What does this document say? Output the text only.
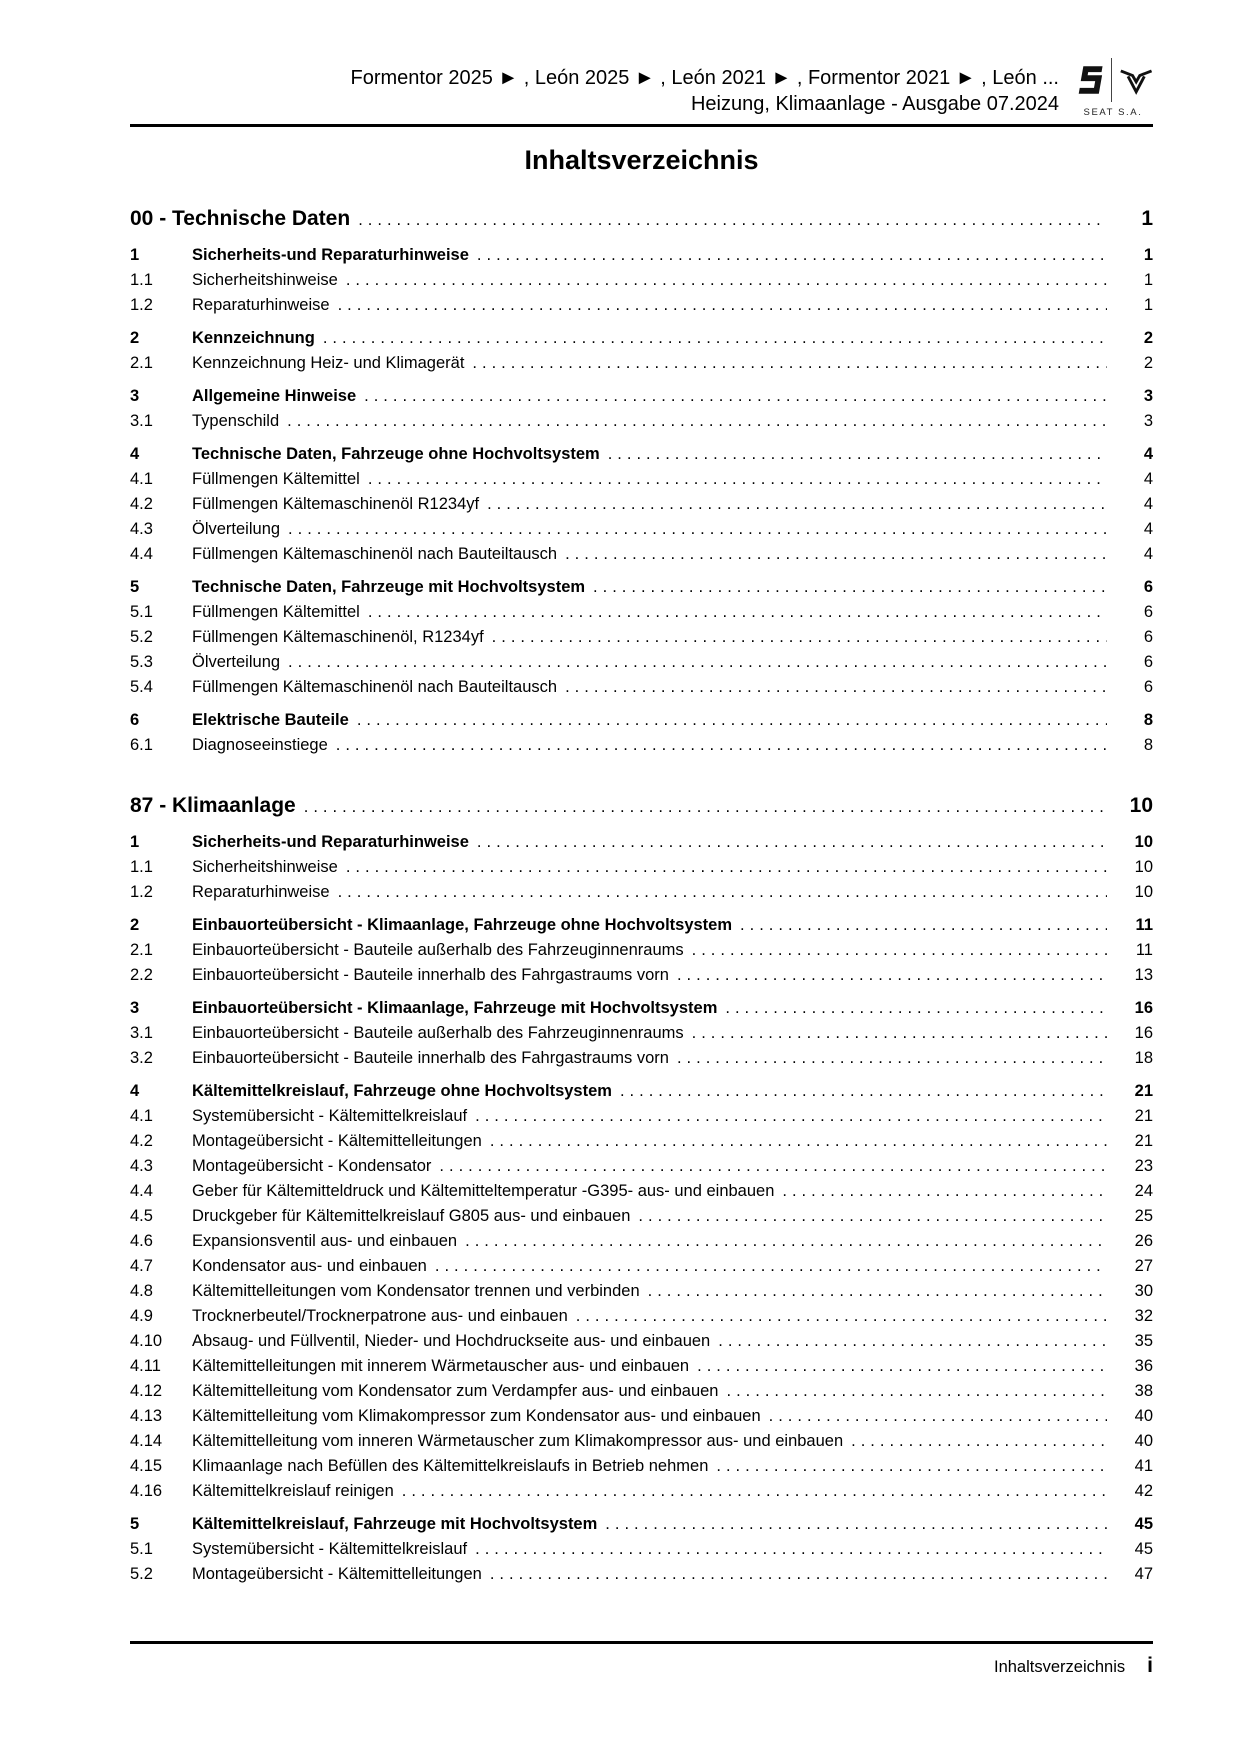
Formentor 2025 ► , León 2025 ► , León 2021 ► , Formentor 2021 ► , León ...
Heizung, Klimaanlage - Ausgabe 07.2024	SEAT S.A.
Inhaltsverzeichnis
00 - Technische Daten .....	1
1	Sicherheits-und Reparaturhinweise .....	1
1.1	Sicherheitshinweise .....	1
1.2	Reparaturhinweise .....	1
2	Kennzeichnung .....	2
2.1	Kennzeichnung Heiz- und Klimagerät .....	2
3	Allgemeine Hinweise .....	3
3.1	Typenschild .....	3
4	Technische Daten, Fahrzeuge ohne Hochvoltsystem .....	4
4.1	Füllmengen Kältemittel .....	4
4.2	Füllmengen Kältemaschinenöl R1234yf .....	4
4.3	Ölverteilung .....	4
4.4	Füllmengen Kältemaschinenöl nach Bauteiltausch .....	4
5	Technische Daten, Fahrzeuge mit Hochvoltsystem .....	6
5.1	Füllmengen Kältemittel .....	6
5.2	Füllmengen Kältemaschinenöl, R1234yf .....	6
5.3	Ölverteilung .....	6
5.4	Füllmengen Kältemaschinenöl nach Bauteiltausch .....	6
6	Elektrische Bauteile .....	8
6.1	Diagnoseeinstiege .....	8
87 - Klimaanlage .....	10
1	Sicherheits-und Reparaturhinweise .....	10
1.1	Sicherheitshinweise .....	10
1.2	Reparaturhinweise .....	10
2	Einbauorteübersicht - Klimaanlage, Fahrzeuge ohne Hochvoltsystem .....	11
2.1	Einbauorteübersicht - Bauteile außerhalb des Fahrzeuginnenraums .....	11
2.2	Einbauorteübersicht - Bauteile innerhalb des Fahrgastraums vorn .....	13
3	Einbauorteübersicht - Klimaanlage, Fahrzeuge mit Hochvoltsystem .....	16
3.1	Einbauorteübersicht - Bauteile außerhalb des Fahrzeuginnenraums .....	16
3.2	Einbauorteübersicht - Bauteile innerhalb des Fahrgastraums vorn .....	18
4	Kältemittelkreislauf, Fahrzeuge ohne Hochvoltsystem .....	21
4.1	Systemübersicht - Kältemittelkreislauf .....	21
4.2	Montageübersicht - Kältemittelleitungen .....	21
4.3	Montageübersicht - Kondensator .....	23
4.4	Geber für Kältemitteldruck und Kältemitteltemperatur -G395- aus- und einbauen .....	24
4.5	Druckgeber für Kältemittelkreislauf G805 aus- und einbauen .....	25
4.6	Expansionsventil aus- und einbauen .....	26
4.7	Kondensator aus- und einbauen .....	27
4.8	Kältemittelleitungen vom Kondensator trennen und verbinden .....	30
4.9	Trocknerbeutel/Trocknerpatrone aus- und einbauen .....	32
4.10	Absaug- und Füllventil, Nieder- und Hochdruckseite aus- und einbauen .....	35
4.11	Kältemittelleitungen mit innerem Wärmetauscher aus- und einbauen .....	36
4.12	Kältemittelleitung vom Kondensator zum Verdampfer aus- und einbauen .....	38
4.13	Kältemittelleitung vom Klimakompressor zum Kondensator aus- und einbauen .....	40
4.14	Kältemittelleitung vom inneren Wärmetauscher zum Klimakompressor aus- und einbauen .....	40
4.15	Klimaanlage nach Befüllen des Kältemittelkreislaufs in Betrieb nehmen .....	41
4.16	Kältemittelkreislauf reinigen .....	42
5	Kältemittelkreislauf, Fahrzeuge mit Hochvoltsystem .....	45
5.1	Systemübersicht - Kältemittelkreislauf .....	45
5.2	Montageübersicht - Kältemittelleitungen .....	47
Inhaltsverzeichnis i
